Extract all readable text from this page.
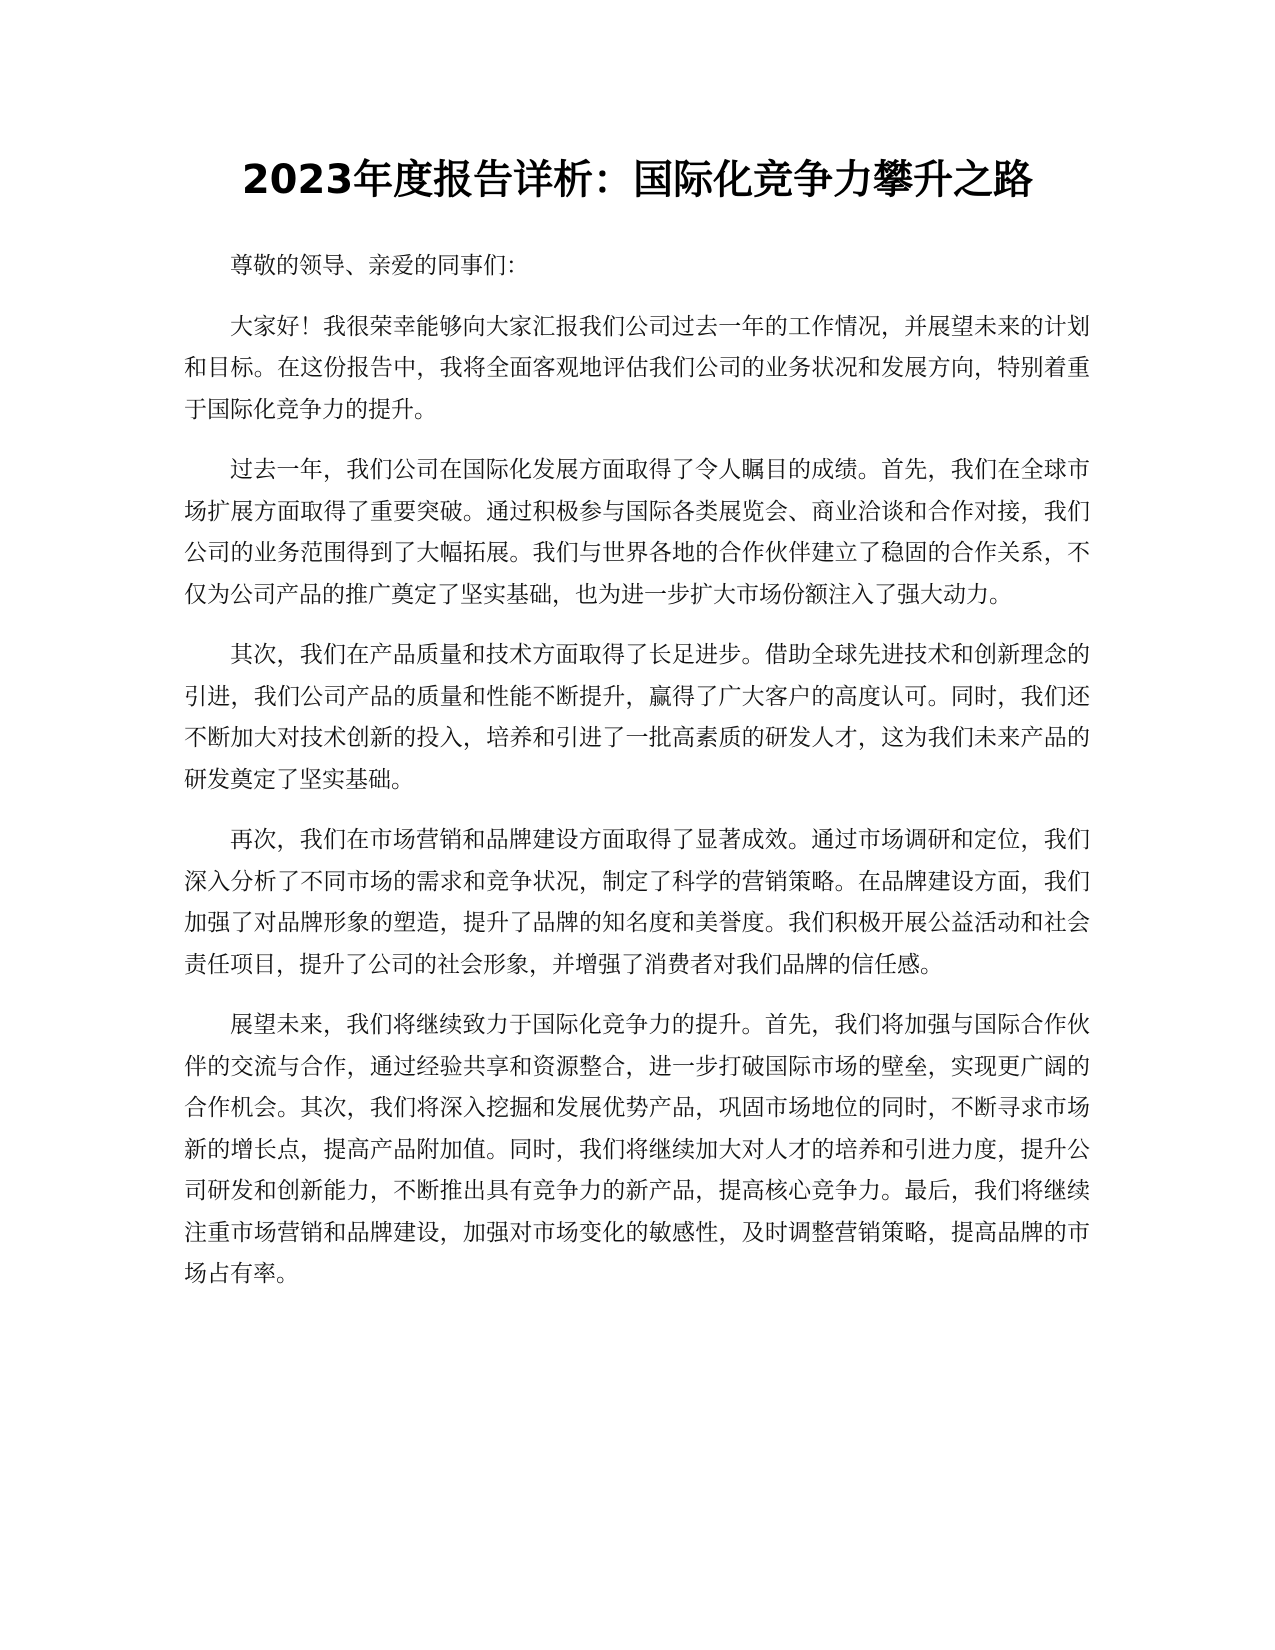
2023年度报告详析：国际化竞争力攀升之路

尊敬的领导、亲爱的同事们：

大家好！我很荣幸能够向大家汇报我们公司过去一年的工作情况，并展望未来的计划和目标。在这份报告中，我将全面客观地评估我们公司的业务状况和发展方向，特别着重于国际化竞争力的提升。

过去一年，我们公司在国际化发展方面取得了令人瞩目的成绩。首先，我们在全球市场扩展方面取得了重要突破。通过积极参与国际各类展览会、商业洽谈和合作对接，我们公司的业务范围得到了大幅拓展。我们与世界各地的合作伙伴建立了稳固的合作关系，不仅为公司产品的推广奠定了坚实基础，也为进一步扩大市场份额注入了强大动力。

其次，我们在产品质量和技术方面取得了长足进步。借助全球先进技术和创新理念的引进，我们公司产品的质量和性能不断提升，赢得了广大客户的高度认可。同时，我们还不断加大对技术创新的投入，培养和引进了一批高素质的研发人才，这为我们未来产品的研发奠定了坚实基础。

再次，我们在市场营销和品牌建设方面取得了显著成效。通过市场调研和定位，我们深入分析了不同市场的需求和竞争状况，制定了科学的营销策略。在品牌建设方面，我们加强了对品牌形象的塑造，提升了品牌的知名度和美誉度。我们积极开展公益活动和社会责任项目，提升了公司的社会形象，并增强了消费者对我们品牌的信任感。

展望未来，我们将继续致力于国际化竞争力的提升。首先，我们将加强与国际合作伙伴的交流与合作，通过经验共享和资源整合，进一步打破国际市场的壁垒，实现更广阔的合作机会。其次，我们将深入挖掘和发展优势产品，巩固市场地位的同时，不断寻求市场新的增长点，提高产品附加值。同时，我们将继续加大对人才的培养和引进力度，提升公司研发和创新能力，不断推出具有竞争力的新产品，提高核心竞争力。最后，我们将继续注重市场营销和品牌建设，加强对市场变化的敏感性，及时调整营销策略，提高品牌的市场占有率。
